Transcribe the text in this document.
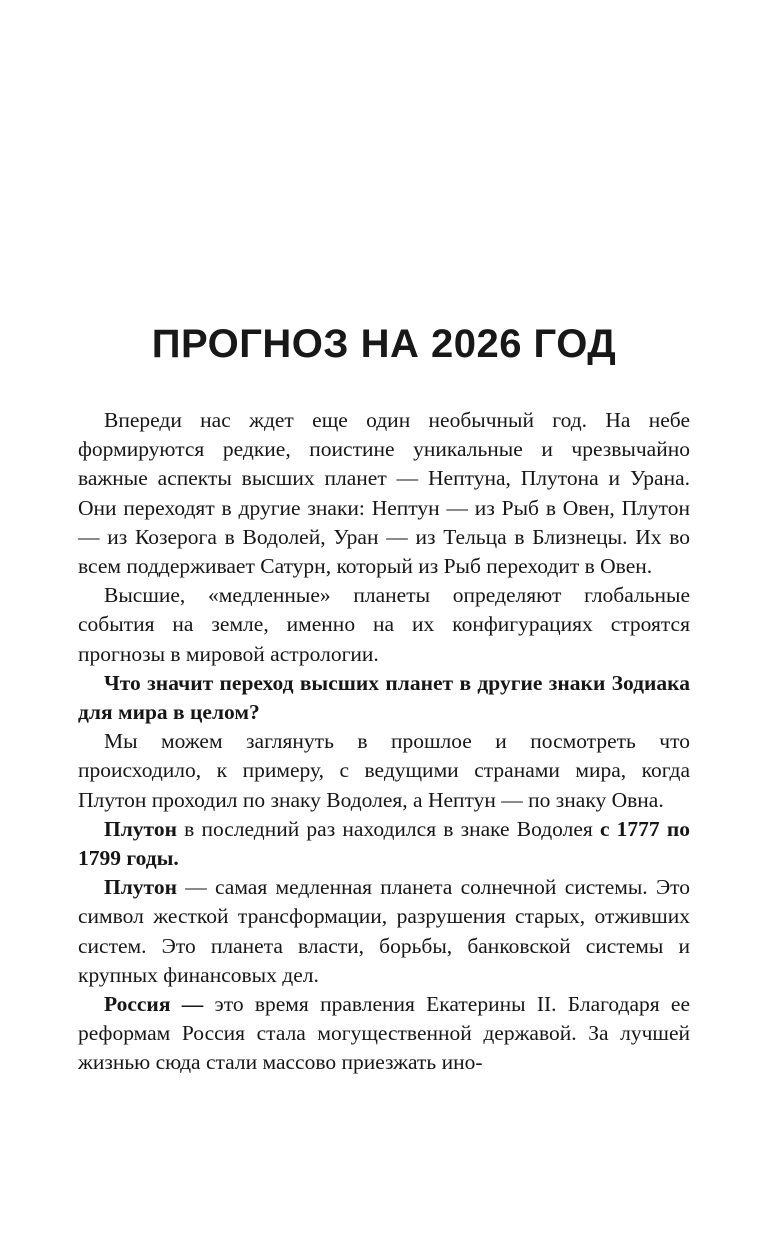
ПРОГНОЗ НА 2026 ГОД

Впереди нас ждет еще один необычный год. На небе формируются редкие, поистине уникальные и чрезвычайно важные аспекты высших планет — Нептуна, Плутона и Урана. Они переходят в другие знаки: Нептун — из Рыб в Овен, Плутон — из Козерога в Водолей, Уран — из Тельца в Близнецы. Их во всем поддерживает Сатурн, который из Рыб переходит в Овен.

Высшие, «медленные» планеты определяют глобальные события на земле, именно на их конфигурациях строятся прогнозы в мировой астрологии.

Что значит переход высших планет в другие знаки Зодиака для мира в целом?

Мы можем заглянуть в прошлое и посмотреть что происходило, к примеру, с ведущими странами мира, когда Плутон проходил по знаку Водолея, а Нептун — по знаку Овна.

Плутон в последний раз находился в знаке Водолея с 1777 по 1799 годы.

Плутон — самая медленная планета солнечной системы. Это символ жесткой трансформации, разрушения старых, отживших систем. Это планета власти, борьбы, банковской системы и крупных финансовых дел.

Россия — это время правления Екатерины II. Благодаря ее реформам Россия стала могущественной державой. За лучшей жизнью сюда стали массово приезжать ино-
